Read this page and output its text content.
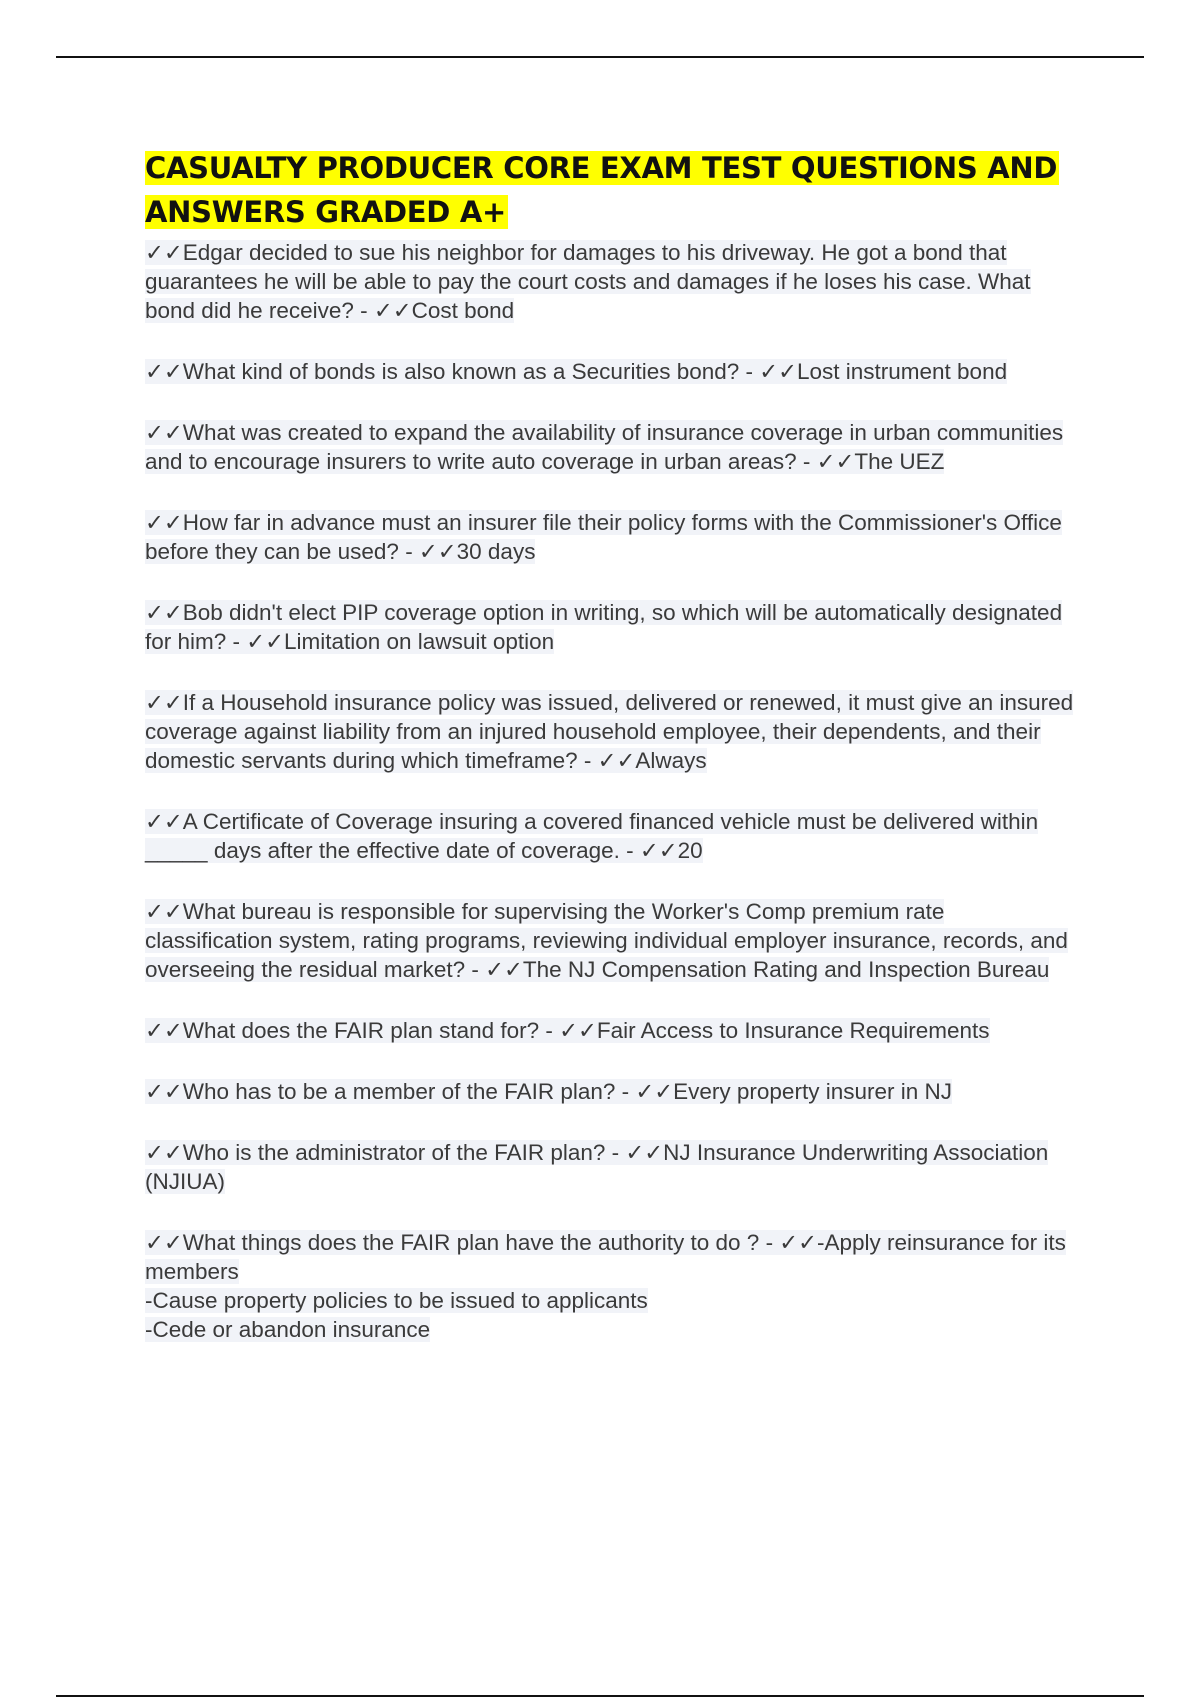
CASUALTY PRODUCER CORE EXAM TEST QUESTIONS AND ANSWERS GRADED A+

✓✓Edgar decided to sue his neighbor for damages to his driveway. He got a bond that guarantees he will be able to pay the court costs and damages if he loses his case. What bond did he receive? - ✓✓Cost bond

✓✓What kind of bonds is also known as a Securities bond? - ✓✓Lost instrument bond

✓✓What was created to expand the availability of insurance coverage in urban communities and to encourage insurers to write auto coverage in urban areas? - ✓✓The UEZ

✓✓How far in advance must an insurer file their policy forms with the Commissioner's Office before they can be used? - ✓✓30 days

✓✓Bob didn't elect PIP coverage option in writing, so which will be automatically designated for him? - ✓✓Limitation on lawsuit option

✓✓If a Household insurance policy was issued, delivered or renewed, it must give an insured coverage against liability from an injured household employee, their dependents, and their domestic servants during which timeframe? - ✓✓Always

✓✓A Certificate of Coverage insuring a covered financed vehicle must be delivered within _____ days after the effective date of coverage. - ✓✓20

✓✓What bureau is responsible for supervising the Worker's Comp premium rate classification system, rating programs, reviewing individual employer insurance, records, and overseeing the residual market? - ✓✓The NJ Compensation Rating and Inspection Bureau

✓✓What does the FAIR plan stand for? - ✓✓Fair Access to Insurance Requirements

✓✓Who has to be a member of the FAIR plan? - ✓✓Every property insurer in NJ

✓✓Who is the administrator of the FAIR plan? - ✓✓NJ Insurance Underwriting Association (NJIUA)

✓✓What things does the FAIR plan have the authority to do ? - ✓✓-Apply reinsurance for its members
-Cause property policies to be issued to applicants
-Cede or abandon insurance
